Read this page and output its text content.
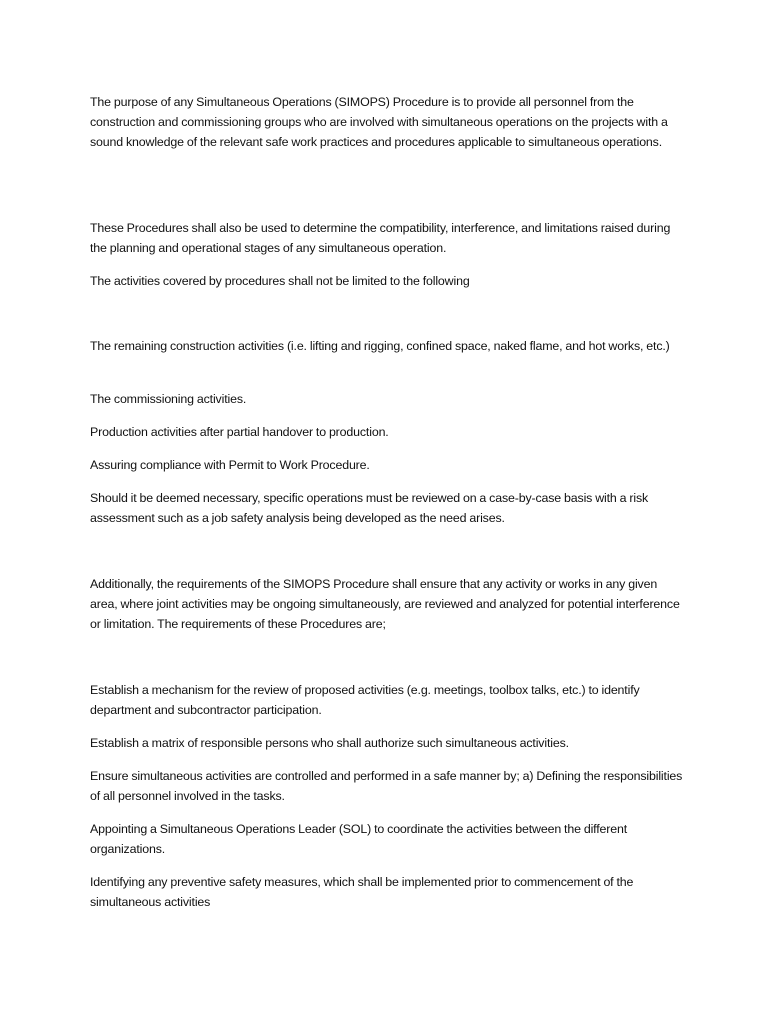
The purpose of any Simultaneous Operations (SIMOPS) Procedure is to provide all personnel from the construction and commissioning groups who are involved with simultaneous operations on the projects with a sound knowledge of the relevant safe work practices and procedures applicable to simultaneous operations.

These Procedures shall also be used to determine the compatibility, interference, and limitations raised during the planning and operational stages of any simultaneous operation.

The activities covered by procedures shall not be limited to the following

The remaining construction activities (i.e. lifting and rigging, confined space, naked flame, and hot works, etc.)

The commissioning activities.

Production activities after partial handover to production.

Assuring compliance with Permit to Work Procedure.

Should it be deemed necessary, specific operations must be reviewed on a case-by-case basis with a risk assessment such as a job safety analysis being developed as the need arises.

Additionally, the requirements of the SIMOPS Procedure shall ensure that any activity or works in any given area, where joint activities may be ongoing simultaneously, are reviewed and analyzed for potential interference or limitation. The requirements of these Procedures are;

Establish a mechanism for the review of proposed activities (e.g. meetings, toolbox talks, etc.) to identify department and subcontractor participation.

Establish a matrix of responsible persons who shall authorize such simultaneous activities.

Ensure simultaneous activities are controlled and performed in a safe manner by; a) Defining the responsibilities of all personnel involved in the tasks.

Appointing a Simultaneous Operations Leader (SOL) to coordinate the activities between the different organizations.

Identifying any preventive safety measures, which shall be implemented prior to commencement of the simultaneous activities
